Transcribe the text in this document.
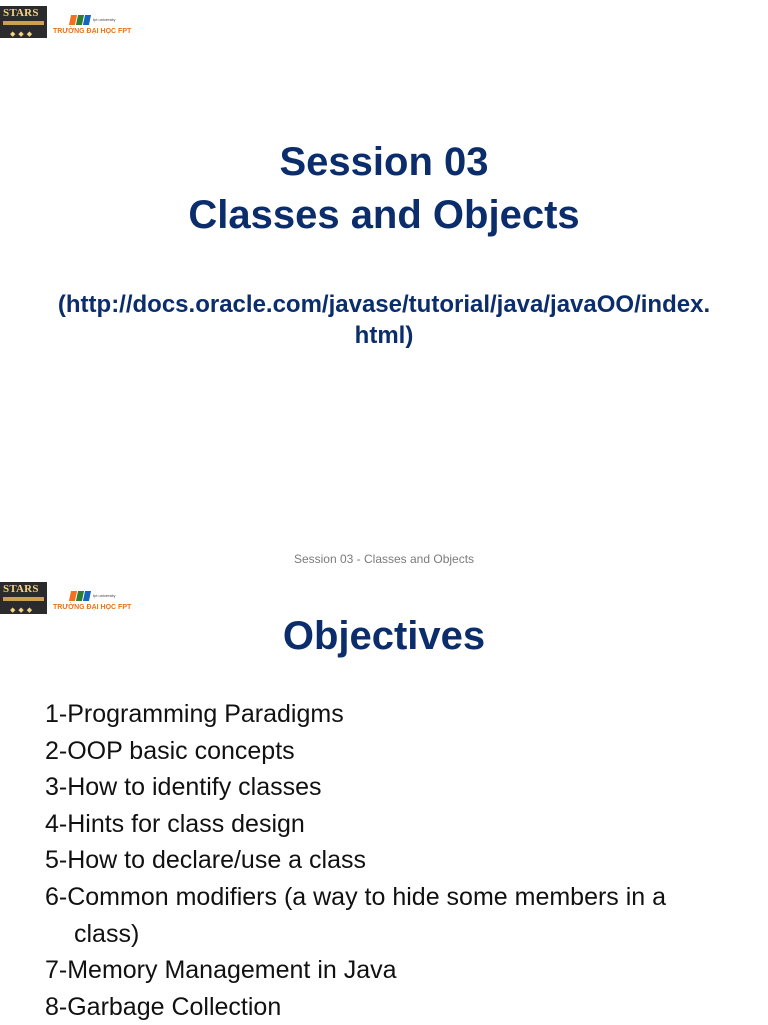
STARS
◆◆◆
fpt university
TRƯỜNG ĐẠI HỌC FPT
Session 03
Classes and Objects
(http://docs.oracle.com/javase/tutorial/java/javaOO/index.
html)
Session 03 - Classes and Objects
STARS
◆◆◆
fpt university
TRƯỜNG ĐẠI HỌC FPT
Objectives
1-Programming Paradigms
2-OOP basic concepts
3-How to identify classes
4-Hints for class design
5-How to declare/use a class
6-Common modifiers (a way to hide some members in a
class)
7-Memory Management in Java
8-Garbage Collection
